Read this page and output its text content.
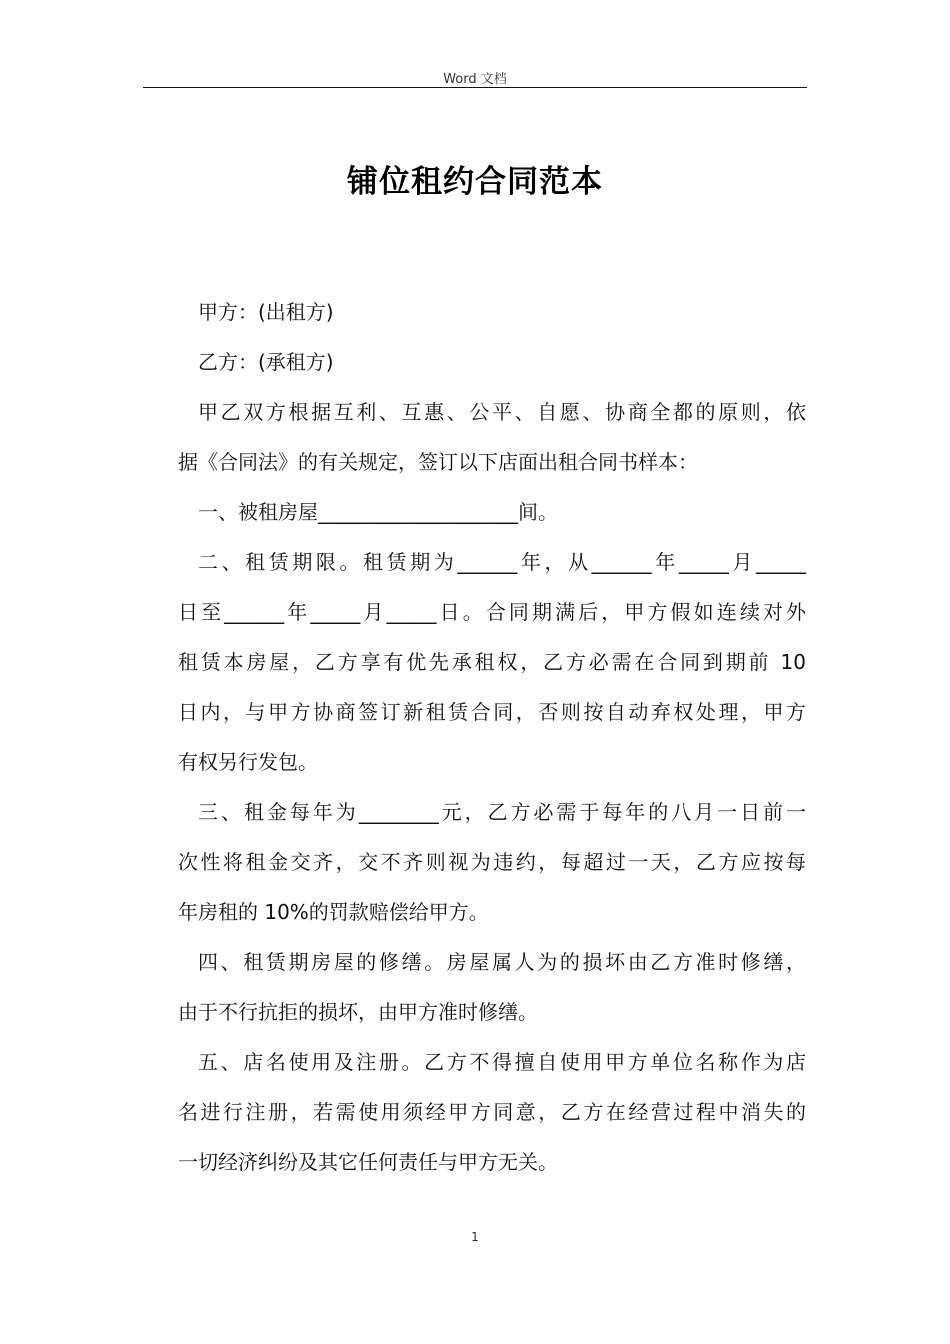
Word 文档
铺位租约合同范本
甲方：(出租方)
乙方：(承租方)
甲乙双方根据互利、互惠、公平、自愿、协商全都的原则，依
据《合同法》的有关规定，签订以下店面出租合同书样本：
一、被租房屋____________________间。
二、租赁期限。租赁期为______年，从______年_____月_____
日至______年_____月_____日。合同期满后，甲方假如连续对外
租赁本房屋，乙方享有优先承租权，乙方必需在合同到期前 10
日内，与甲方协商签订新租赁合同，否则按自动弃权处理，甲方
有权另行发包。
三、租金每年为________元，乙方必需于每年的八月一日前一
次性将租金交齐，交不齐则视为违约，每超过一天，乙方应按每
年房租的 10%的罚款赔偿给甲方。
四、租赁期房屋的修缮。房屋属人为的损坏由乙方准时修缮，
由于不行抗拒的损坏，由甲方准时修缮。
五、店名使用及注册。乙方不得擅自使用甲方单位名称作为店
名进行注册，若需使用须经甲方同意，乙方在经营过程中消失的
一切经济纠纷及其它任何责任与甲方无关。
1
